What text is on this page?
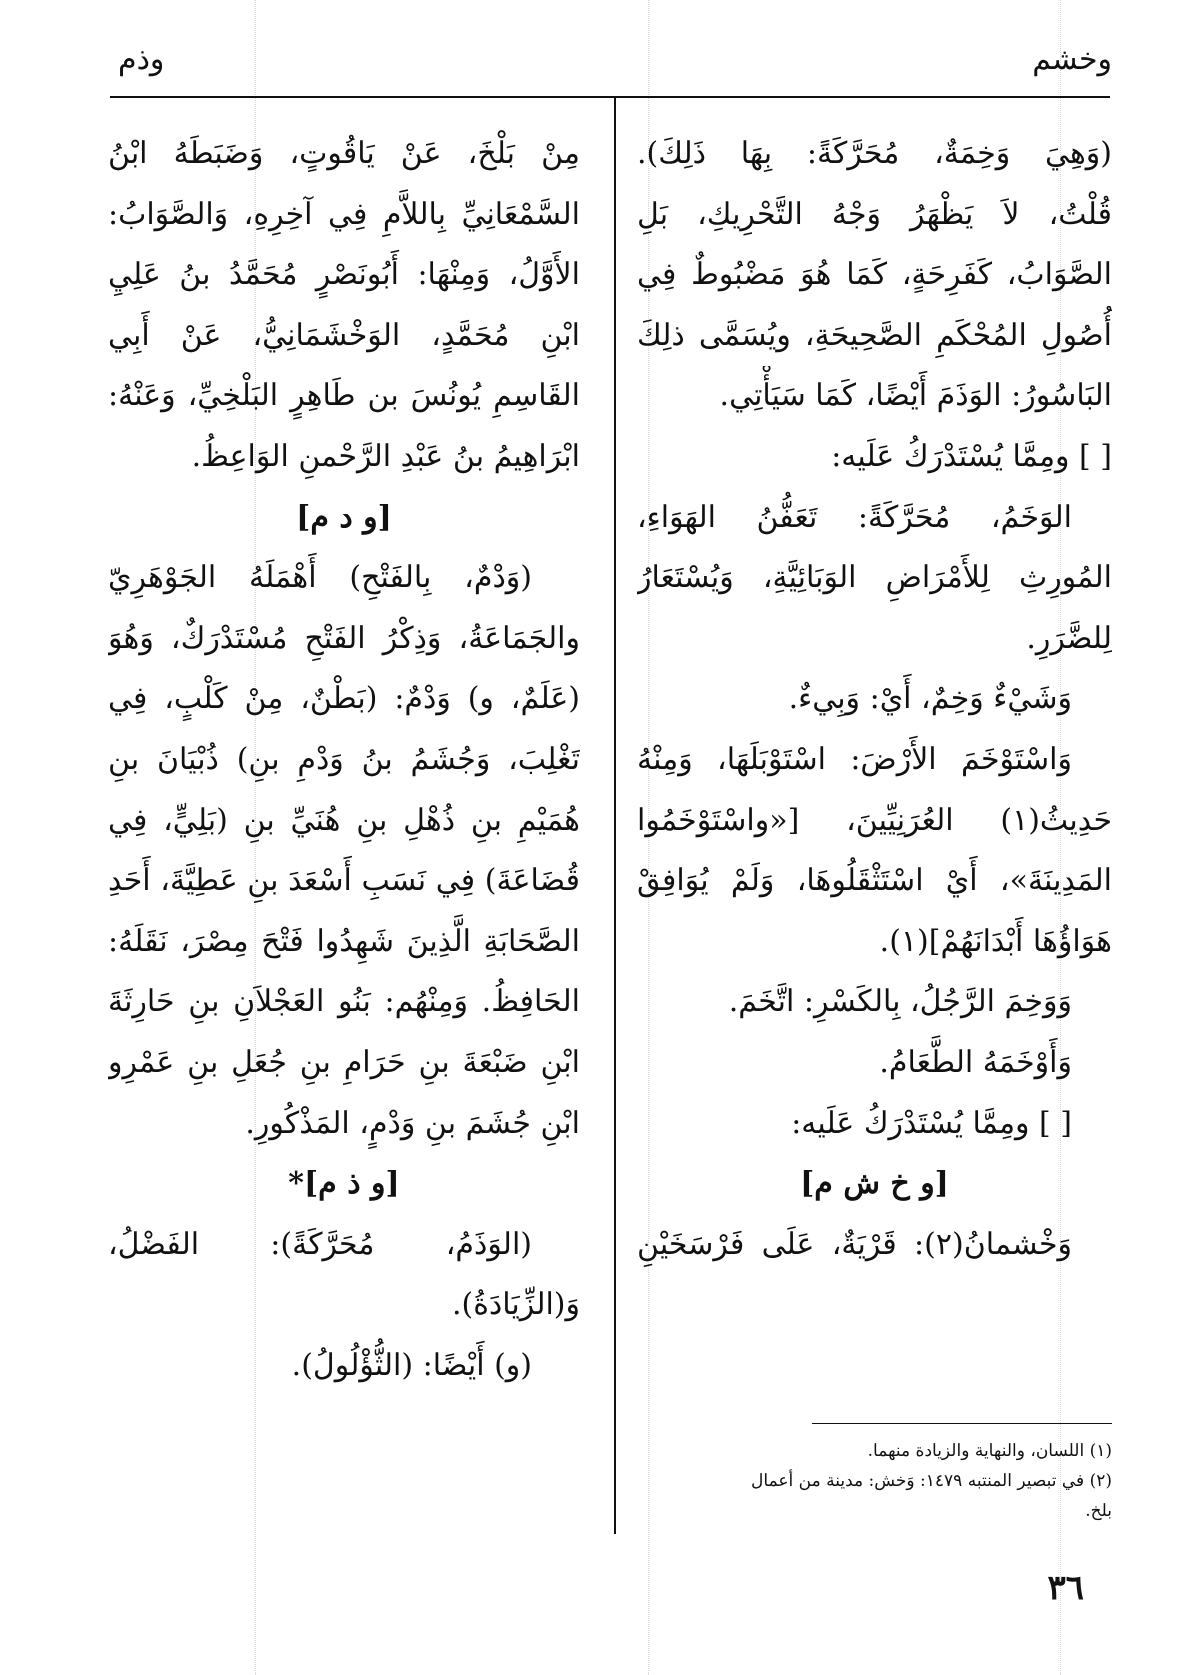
وخشم
وذم
(وَهِيَ وَخِمَةٌ، مُحَرَّكَةً: بِهَا ذَلِكَ).
قُلْتُ، لاَ يَظْهَرُ وَجْهُ التَّحْرِيكِ، بَلِ
الصَّوَابُ، كَفَرِحَةٍ، كَمَا هُوَ مَضْبُوطٌ فِي
أُصُولِ المُحْكَمِ الصَّحِيحَةِ، ويُسَمَّى ذلِكَ
البَاسُورُ: الوَذَمَ أَيْضًا، كَمَا سَيَأْتِي.
[ ] ومِمَّا يُسْتَدْرَكُ عَلَيه:
الوَخَمُ، مُحَرَّكَةً: تَعَفُّنُ الهَوَاءِ،
المُورِثِ لِلأَمْرَاضِ الوَبَائِيَّةِ، وَيُسْتَعَارُ
لِلضَّرَرِ.
وَشَيْءٌ وَخِمٌ، أَيْ: وَبِيءٌ.
وَاسْتَوْخَمَ الأَرْضَ: اسْتَوْبَلَهَا، وَمِنْهُ
حَدِيثُ(١) العُرَنِيِّينَ، [«واسْتَوْخَمُوا
المَدِينَةَ»، أَيْ اسْتَثْقَلُوهَا، وَلَمْ يُوَافِقْ
هَوَاؤُهَا أَبْدَانَهُمْ](١).
وَوَخِمَ الرَّجُلُ، بِالكَسْرِ: اتَّخَمَ.
وَأَوْخَمَهُ الطَّعَامُ.
[ ] ومِمَّا يُسْتَدْرَكُ عَلَيه:
[و خ ش م]
وَخْشمانُ(٢): قَرْيَةٌ، عَلَى فَرْسَخَيْنِ
مِنْ بَلْخَ، عَنْ يَاقُوتٍ، وَضَبَطَهُ ابْنُ
السَّمْعَانِيِّ بِاللاَّمِ فِي آخِرِهِ، وَالصَّوَابُ:
الأَوَّلُ، وَمِنْهَا: أَبُونَصْرٍ مُحَمَّدُ بنُ عَلِيِ
ابْنِ مُحَمَّدٍ، الوَخْشَمَانِيُّ، عَنْ أَبِي
القَاسِمِ يُونُسَ بن طَاهِرٍ البَلْخِيِّ، وَعَنْهُ:
ابْرَاهِيمُ بنُ عَبْدِ الرَّحْمنِ الوَاعِظُ.
[و د م]
(وَدْمٌ، بِالفَتْحِ) أَهْمَلَهُ الجَوْهَرِيّ
والجَمَاعَةُ، وَذِكْرُ الفَتْحِ مُسْتَدْرَكٌ، وَهُوَ
(عَلَمٌ، و) وَدْمٌ: (بَطْنٌ، مِنْ كَلْبٍ، فِي
تَغْلِبَ، وَجُشَمُ بنُ وَدْمِ بنِ) ذُبْيَانَ بنِ
هُمَيْمِ بنِ ذُهْلِ بنِ هُنَيِّ بنِ (بَلِيٍّ، فِي
قُضَاعَةَ) فِي نَسَبِ أَسْعَدَ بنِ عَطِيَّةَ، أَحَدِ
الصَّحَابَةِ الَّذِينَ شَهِدُوا فَتْحَ مِصْرَ، نَقَلَهُ:
الحَافِظُ. وَمِنْهُم: بَنُو العَجْلاَنِ بنِ حَارِثَةَ
ابْنِ ضَبْعَةَ بنِ حَرَامِ بنِ جُعَلِ بنِ عَمْرِو
ابْنِ جُشَمَ بنِ وَدْمٍ، المَذْكُورِ.
[و ذ م]*
(الوَذَمُ، مُحَرَّكَةً): الفَضْلُ،
وَ(الزِّيَادَةُ).
(و) أَيْضًا: (الثُّؤْلُولُ).
(١) اللسان، والنهاية والزيادة منهما.
(٢) في تبصير المنتبه ١٤٧٩: وَخش: مدينة من أعمال
بلخ.
٣٦
